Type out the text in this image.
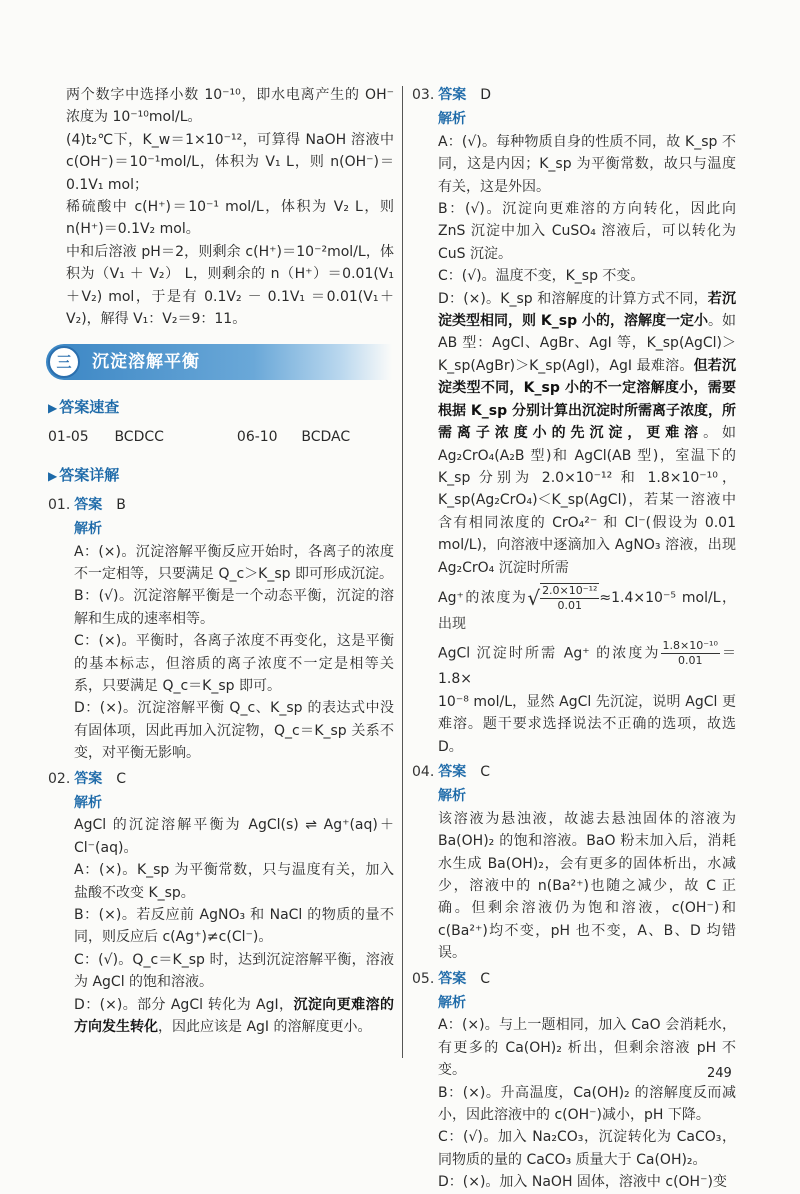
两个数字中选择小数 10⁻¹⁰，即水电离产生的 OH⁻ 浓度为 10⁻¹⁰mol/L。

(4)t₂℃下，K_w＝1×10⁻¹²，可算得 NaOH 溶液中 c(OH⁻)＝10⁻¹mol/L，体积为 V₁ L，则 n(OH⁻)＝0.1V₁ mol；

稀硫酸中 c(H⁺)＝10⁻¹ mol/L，体积为 V₂ L，则 n(H⁺)＝0.1V₂ mol。

中和后溶液 pH＝2，则剩余 c(H⁺)＝10⁻²mol/L，体积为（V₁ ＋ V₂） L，则剩余的 n（H⁺）＝0.01(V₁＋V₂) mol，于是有 0.1V₂ － 0.1V₁ ＝0.01(V₁＋V₂)，解得 V₁：V₂＝9：11。

三	沉淀溶解平衡
▶ 答案速查
01-05 BCDCC	06-10 BCDAC
▶ 答案详解
01. 答案 B
解析

A：(×)。沉淀溶解平衡反应开始时，各离子的浓度不一定相等，只要满足 Q_c＞K_sp 即可形成沉淀。

B：(√)。沉淀溶解平衡是一个动态平衡，沉淀的溶解和生成的速率相等。

C：(×)。平衡时，各离子浓度不再变化，这是平衡的基本标志，但溶质的离子浓度不一定是相等关系，只要满足 Q_c＝K_sp 即可。

D：(×)。沉淀溶解平衡 Q_c、K_sp 的表达式中没有固体项，因此再加入沉淀物，Q_c＝K_sp 关系不变，对平衡无影响。

02. 答案 C
解析

AgCl 的沉淀溶解平衡为 AgCl(s) ⇌ Ag⁺(aq)＋Cl⁻(aq)。

A：(×)。K_sp 为平衡常数，只与温度有关，加入盐酸不改变 K_sp。

B：(×)。若反应前 AgNO₃ 和 NaCl 的物质的量不同，则反应后 c(Ag⁺)≠c(Cl⁻)。

C：(√)。Q_c＝K_sp 时，达到沉淀溶解平衡，溶液为 AgCl 的饱和溶液。

D：(×)。部分 AgCl 转化为 AgI，沉淀向更难溶的方向发生转化，因此应该是 AgI 的溶解度更小。

03. 答案 D
解析

A：(√)。每种物质自身的性质不同，故 K_sp 不同，这是内因；K_sp 为平衡常数，故只与温度有关，这是外因。

B：(√)。沉淀向更难溶的方向转化，因此向 ZnS 沉淀中加入 CuSO₄ 溶液后，可以转化为 CuS 沉淀。

C：(√)。温度不变，K_sp 不变。

D：(×)。K_sp 和溶解度的计算方式不同，若沉淀类型相同，则 K_sp 小的，溶解度一定小。如 AB 型：AgCl、AgBr、AgI 等，K_sp(AgCl)＞K_sp(AgBr)＞K_sp(AgI)，AgI 最难溶。但若沉淀类型不同，K_sp 小的不一定溶解度小，需要根据 K_sp 分别计算出沉淀时所需离子浓度，所需离子浓度小的先沉淀，更难溶。如 Ag₂CrO₄(A₂B 型)和 AgCl(AB 型)，室温下的 K_sp 分别为 2.0×10⁻¹² 和 1.8×10⁻¹⁰，K_sp(Ag₂CrO₄)＜K_sp(AgCl)，若某一溶液中含有相同浓度的 CrO₄²⁻ 和 Cl⁻(假设为 0.01 mol/L)，向溶液中逐滴加入 AgNO₃ 溶液，出现 Ag₂CrO₄ 沉淀时所需

Ag⁺的浓度为√ $\frac{\text{2.0×10⁻¹²}}{0.01} \approx 1.4\times 10^{-5}$ mol/L，出现

AgCl 沉淀时所需 Ag⁺ 的浓度为 $\frac{\text{1.8×10⁻¹⁰}}{0.01} =1.8\times$

10⁻⁸ mol/L，显然 AgCl 先沉淀，说明 AgCl 更难溶。题干要求选择说法不正确的选项，故选 D。

04. 答案 C
解析

该溶液为悬浊液，故滤去悬浊固体的溶液为 Ba(OH)₂ 的饱和溶液。BaO 粉末加入后，消耗水生成 Ba(OH)₂，会有更多的固体析出，水减少，溶液中的 n(Ba²⁺)也随之减少，故 C 正确。但剩余溶液仍为饱和溶液，c(OH⁻)和 c(Ba²⁺)均不变，pH 也不变，A、B、D 均错误。

05. 答案 C
解析

A：(×)。与上一题相同，加入 CaO 会消耗水，有更多的 Ca(OH)₂ 析出，但剩余溶液 pH 不变。

B：(×)。升高温度，Ca(OH)₂ 的溶解度反而减小，因此溶液中的 c(OH⁻)减小，pH 下降。

C：(√)。加入 Na₂CO₃，沉淀转化为 CaCO₃，同物质的量的 CaCO₃ 质量大于 Ca(OH)₂。

D：(×)。加入 NaOH 固体，溶液中 c(OH⁻)变

249
